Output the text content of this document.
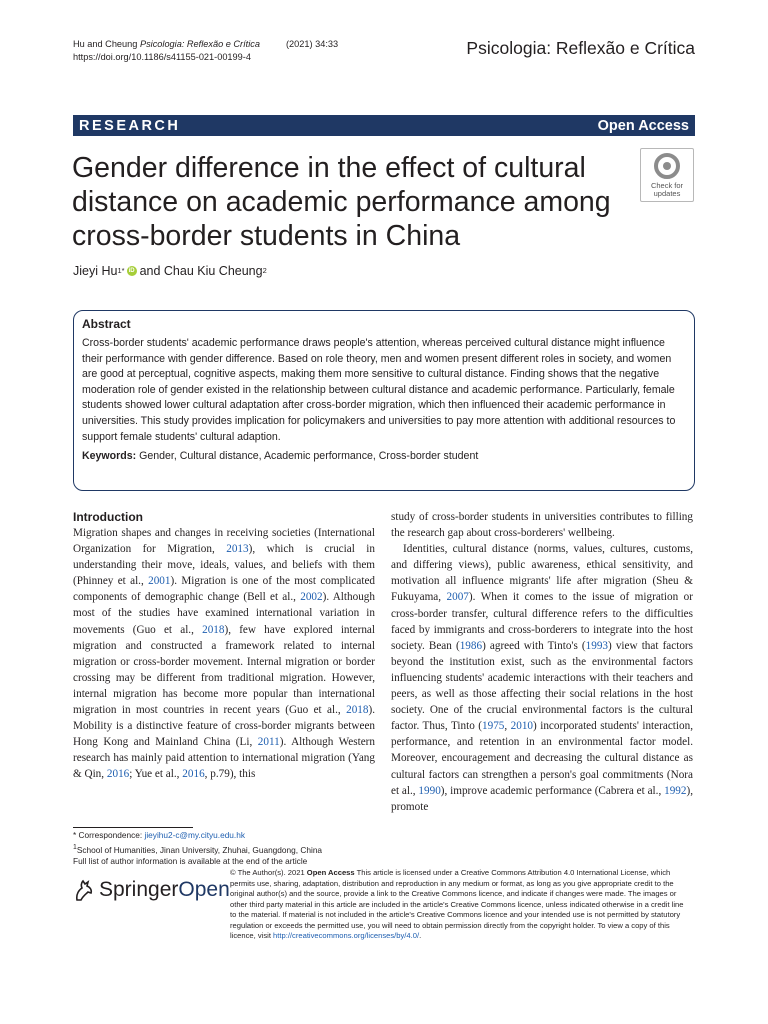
Hu and Cheung Psicologia: Reflexão e Crítica	(2021) 34:33
https://doi.org/10.1186/s41155-021-00199-4	Psicologia: Reflexão e Crítica
RESEARCH	Open Access
Gender difference in the effect of cultural distance on academic performance among cross-border students in China
Check for
updates
Jieyi Hu 1* iD and Chau Kiu Cheung 2
Abstract
Cross-border students' academic performance draws people's attention, whereas perceived cultural distance might influence their performance with gender difference. Based on role theory, men and women present different roles in society, and women are good at perceptual, cognitive aspects, making them more sensitive to cultural distance. Finding shows that the negative moderation role of gender existed in the relationship between cultural distance and academic performance. Particularly, female students showed lower cultural adaptation after cross-border migration, which then influenced their academic performance in universities. This study provides implication for policymakers and universities to pay more attention with additional resources to support female students' cultural adaption.
Keywords: Gender, Cultural distance, Academic performance, Cross-border student
Introduction

Migration shapes and changes in receiving societies (International Organization for Migration, 2013), which is crucial in understanding their move, ideals, values, and beliefs with them (Phinney et al., 2001). Migration is one of the most complicated components of demographic change (Bell et al., 2002). Although most of the studies have examined international variation in movements (Guo et al., 2018), few have explored internal migration and constructed a framework related to internal migration or cross-border movement. Internal migration or border crossing may be different from traditional migration. However, internal migration has become more popular than international migration in most countries in recent years (Guo et al., 2018). Mobility is a distinctive feature of cross-border migrants between Hong Kong and Mainland China (Li, 2011). Although Western research has mainly paid attention to international migration (Yang & Qin, 2016; Yue et al., 2016, p.79), this

study of cross-border students in universities contributes to filling the research gap about cross-borderers' wellbeing.

Identities, cultural distance (norms, values, cultures, customs, and differing views), public awareness, ethical sensitivity, and motivation all influence migrants' life after migration (Sheu & Fukuyama, 2007). When it comes to the issue of migration or cross-border transfer, cultural difference refers to the difficulties faced by immigrants and cross-borderers to integrate into the host society. Bean (1986) agreed with Tinto's (1993) view that factors beyond the institution exist, such as the environmental factors influencing students' academic interactions with their teachers and peers, as well as those affecting their social relations in the host society. One of the crucial environmental factors is the cultural factor. Thus, Tinto (1975, 2010) incorporated students' interaction, performance, and retention in an environmental factor model. Moreover, encouragement and decreasing the cultural distance as cultural factors can strengthen a person's goal commitments (Nora et al., 1990), improve academic performance (Cabrera et al., 1992), promote

* Correspondence: jieyihu2-c@my.cityu.edu.hk
$^1$School of Humanities, Jinan University, Zhuhai, Guangdong, China
Full list of author information is available at the end of the article
SpringerOpen
© The Author(s). 2021 Open Access This article is licensed under a Creative Commons Attribution 4.0 International License, which permits use, sharing, adaptation, distribution and reproduction in any medium or format, as long as you give appropriate credit to the original author(s) and the source, provide a link to the Creative Commons licence, and indicate if changes were made. The images or other third party material in this article are included in the article's Creative Commons licence, unless indicated otherwise in a credit line to the material. If material is not included in the article's Creative Commons licence and your intended use is not permitted by statutory regulation or exceeds the permitted use, you will need to obtain permission directly from the copyright holder. To view a copy of this licence, visit http://creativecommons.org/licenses/by/4.0/.
